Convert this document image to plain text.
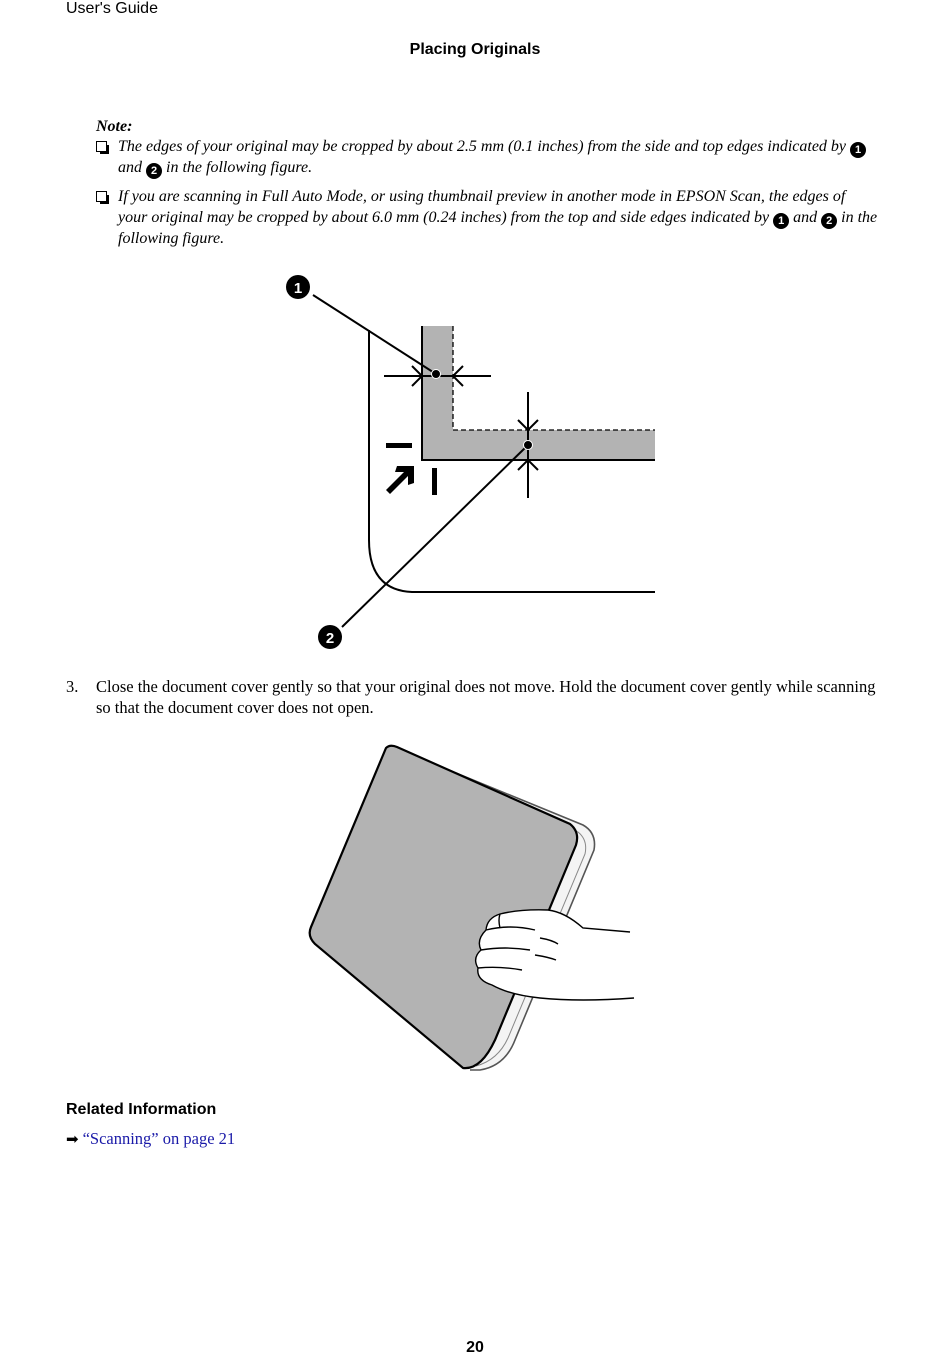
User's Guide
Placing Originals
Note:
The edges of your original may be cropped by about 2.5 mm (0.1 inches) from the side and top edges indicated by 1 and 2 in the following figure.
If you are scanning in Full Auto Mode, or using thumbnail preview in another mode in EPSON Scan, the edges of your original may be cropped by about 6.0 mm (0.24 inches) from the top and side edges indicated by 1 and 2 in the following figure.
1
2
3. Close the document cover gently so that your original does not move. Hold the document cover gently while scanning so that the document cover does not open.
Related Information
➡ “Scanning” on page 21
20
